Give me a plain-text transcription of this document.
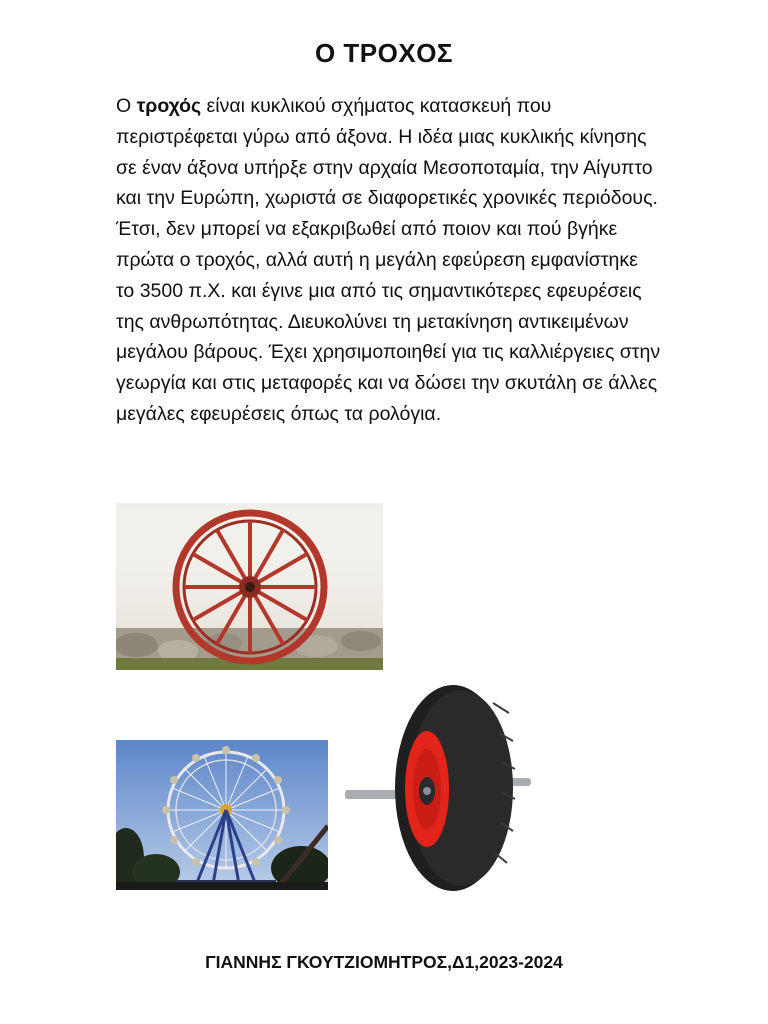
Ο ΤΡΟΧΟΣ

Ο τροχός είναι κυκλικού σχήματος κατασκευή που περιστρέφεται γύρω από άξονα. Η ιδέα μιας κυκλικής κίνησης σε έναν άξονα υπήρξε στην αρχαία Μεσοποταμία, την Αίγυπτο και την Ευρώπη, χωριστά σε διαφορετικές χρονικές περιόδους. Έτσι, δεν μπορεί να εξακριβωθεί από ποιον και πού βγήκε πρώτα ο τροχός, αλλά αυτή η μεγάλη εφεύρεση εμφανίστηκε το 3500 π.Χ. και έγινε μια από τις σημαντικότερες εφευρέσεις της ανθρωπότητας. Διευκολύνει τη μετακίνηση αντικειμένων μεγάλου βάρους. Έχει χρησιμοποιηθεί για τις καλλιέργειες στην γεωργία και στις μεταφορές και να δώσει την σκυτάλη σε άλλες μεγάλες εφευρέσεις όπως τα ρολόγια.

ΓΙΑΝΝΗΣ ΓΚΟΥΤΖΙΟΜΗΤΡΟΣ,Δ1,2023-2024
